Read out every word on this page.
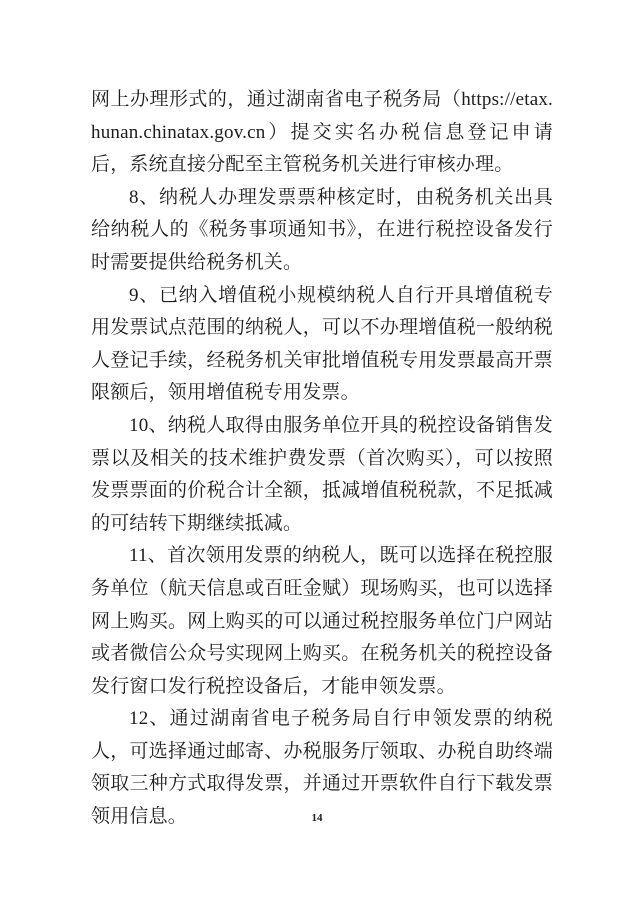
网上办理形式的，通过湖南省电子税务局（https://etax.hunan.chinatax.gov.cn）提交实名办税信息登记申请后，系统直接分配至主管税务机关进行审核办理。

8、纳税人办理发票票种核定时，由税务机关出具给纳税人的《税务事项通知书》，在进行税控设备发行时需要提供给税务机关。

9、已纳入增值税小规模纳税人自行开具增值税专用发票试点范围的纳税人，可以不办理增值税一般纳税人登记手续，经税务机关审批增值税专用发票最高开票限额后，领用增值税专用发票。

10、纳税人取得由服务单位开具的税控设备销售发票以及相关的技术维护费发票（首次购买），可以按照发票票面的价税合计全额，抵减增值税税款，不足抵减的可结转下期继续抵减。

11、首次领用发票的纳税人，既可以选择在税控服务单位（航天信息或百旺金赋）现场购买，也可以选择网上购买。网上购买的可以通过税控服务单位门户网站或者微信公众号实现网上购买。在税务机关的税控设备发行窗口发行税控设备后，才能申领发票。

12、通过湖南省电子税务局自行申领发票的纳税人，可选择通过邮寄、办税服务厅领取、办税自助终端领取三种方式取得发票，并通过开票软件自行下载发票领用信息。	14
